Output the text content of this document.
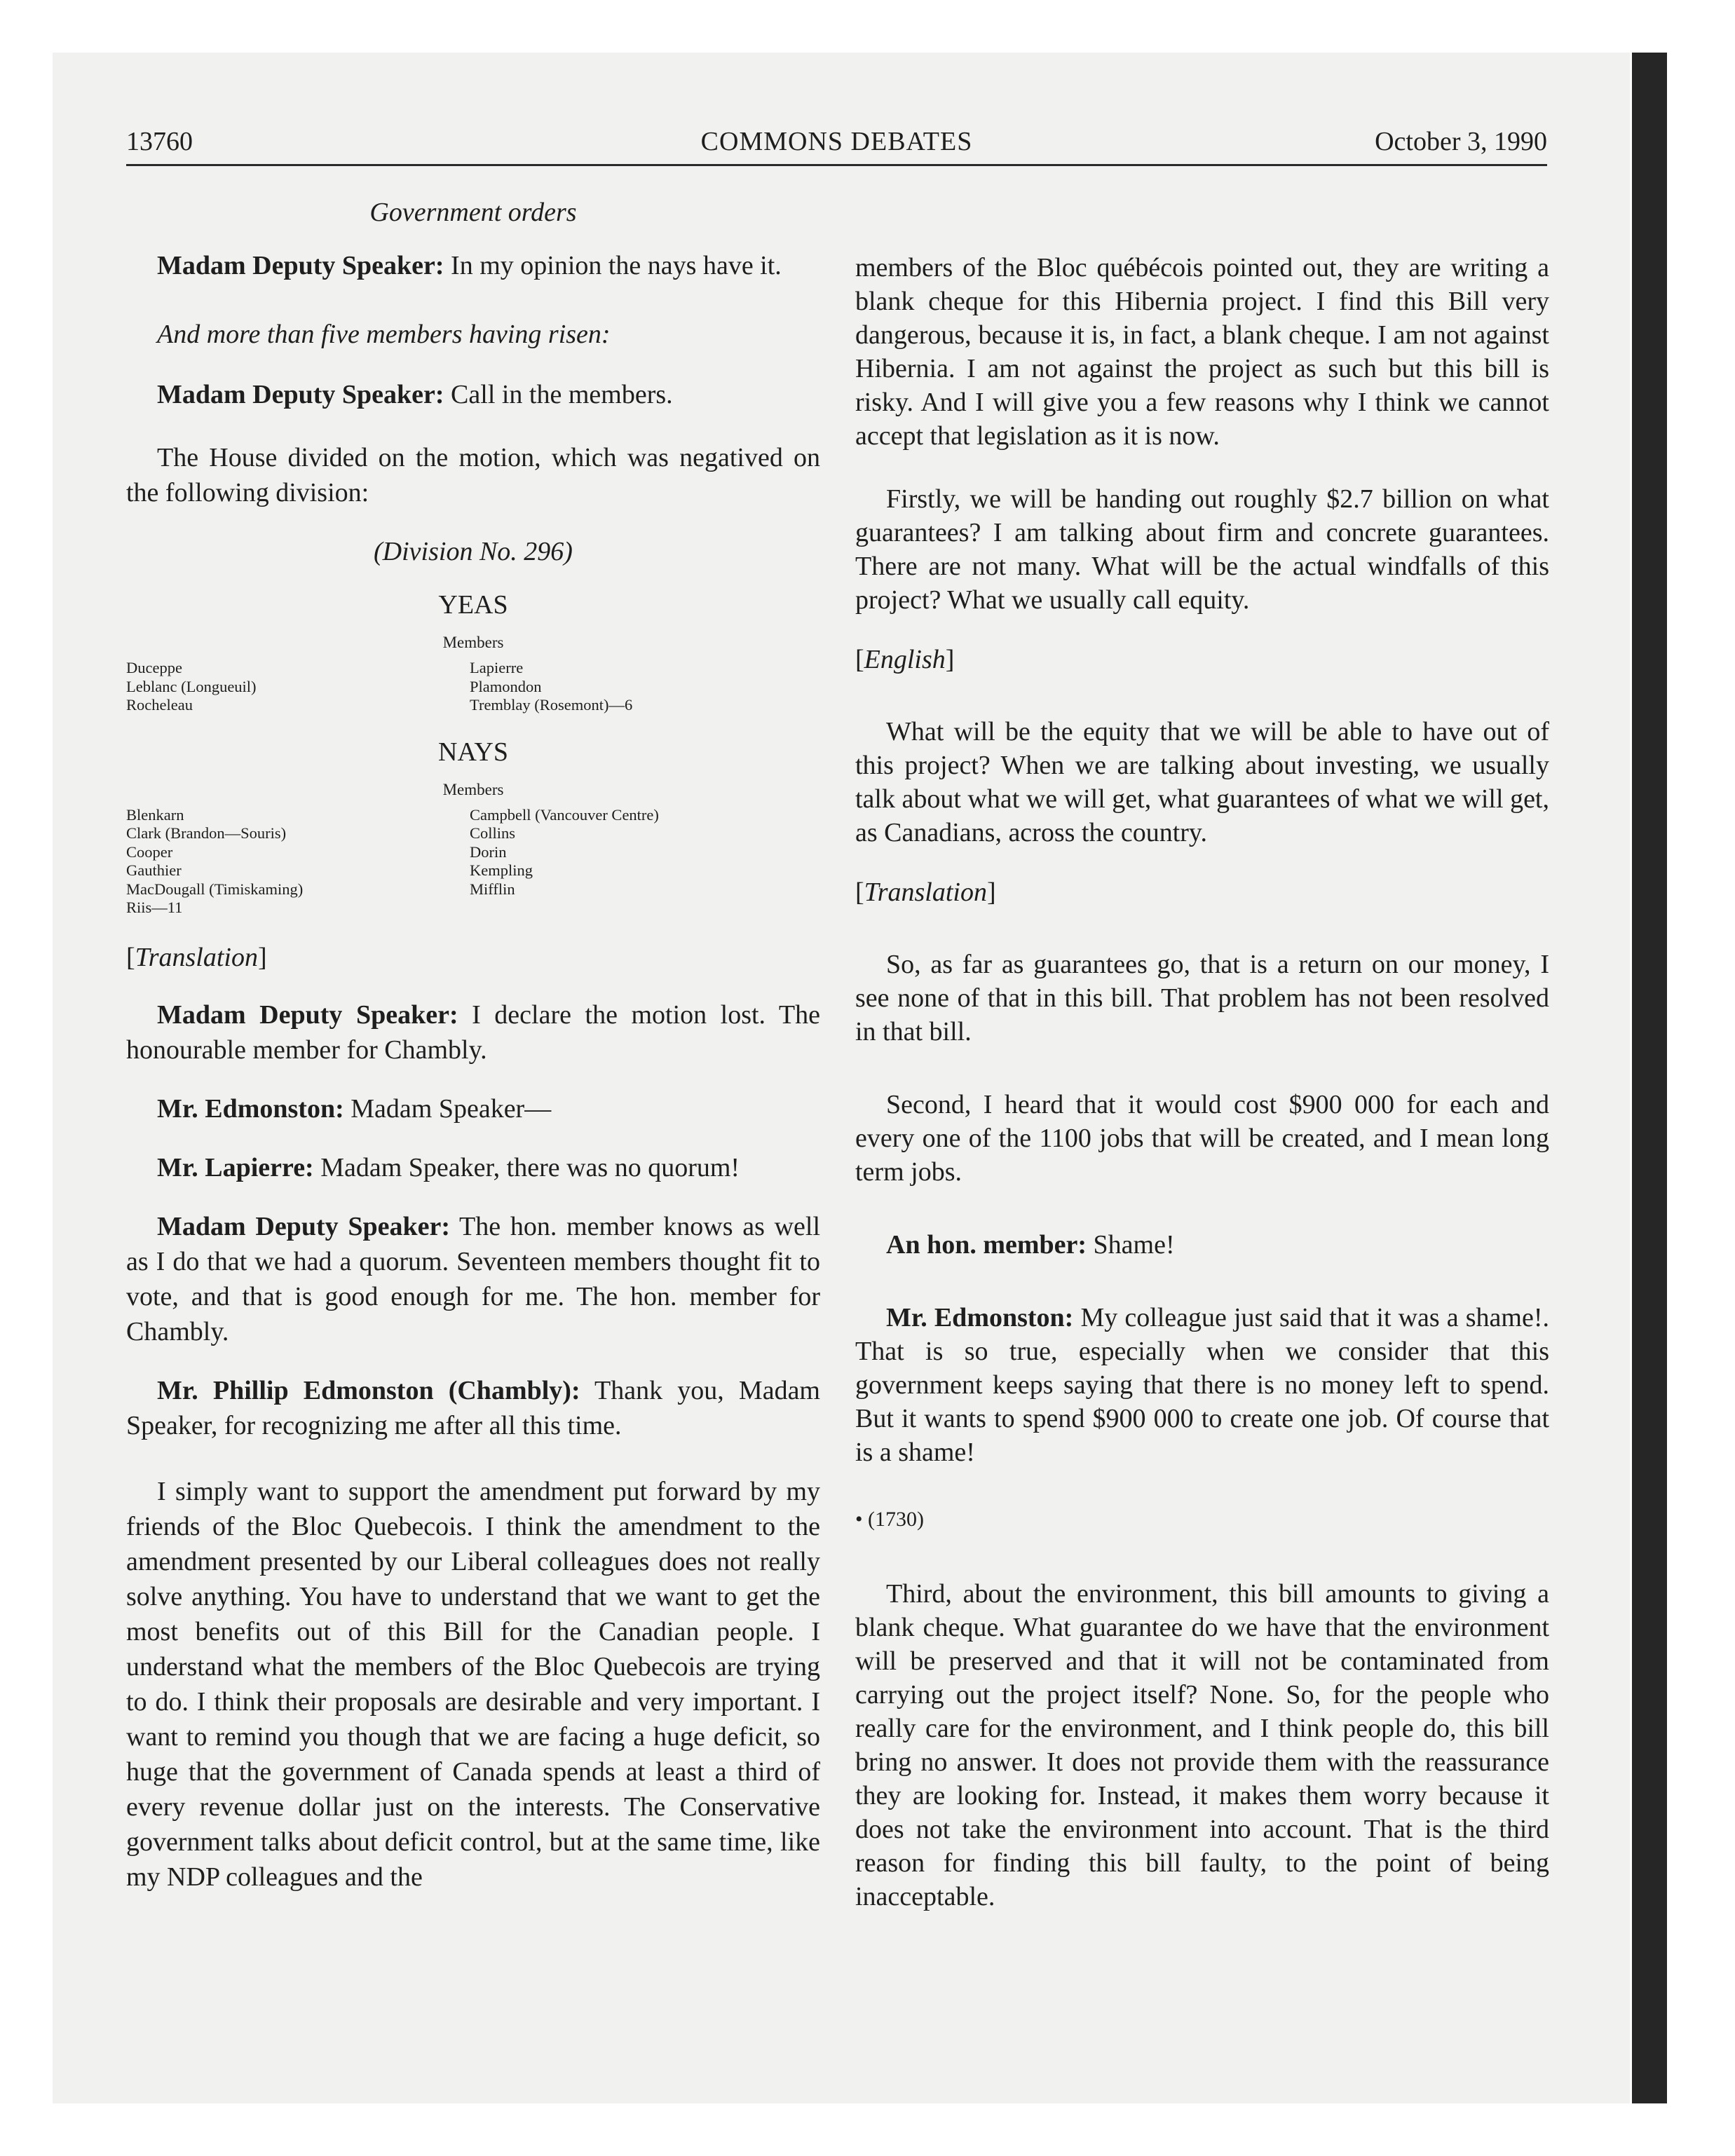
13760	COMMONS DEBATES	October 3, 1990
Government orders

Madam Deputy Speaker: In my opinion the nays have it.

And more than five members having risen:

Madam Deputy Speaker: Call in the members.

The House divided on the motion, which was negatived on the following division:

(Division No. 296)
YEAS
Members
Duceppe
Leblanc (Longueuil)
Rocheleau
Lapierre
Plamondon
Tremblay (Rosemont)—6
NAYS
Members
Blenkarn
Clark (Brandon—Souris)
Cooper
Gauthier
MacDougall (Timiskaming)
Riis—11
Campbell (Vancouver Centre)
Collins
Dorin
Kempling
Mifflin
[Translation]

Madam Deputy Speaker: I declare the motion lost. The honourable member for Chambly.

Mr. Edmonston: Madam Speaker—

Mr. Lapierre: Madam Speaker, there was no quorum!

Madam Deputy Speaker: The hon. member knows as well as I do that we had a quorum. Seventeen members thought fit to vote, and that is good enough for me. The hon. member for Chambly.

Mr. Phillip Edmonston (Chambly): Thank you, Madam Speaker, for recognizing me after all this time.

I simply want to support the amendment put forward by my friends of the Bloc Quebecois. I think the amendment to the amendment presented by our Liberal colleagues does not really solve anything. You have to understand that we want to get the most benefits out of this Bill for the Canadian people. I understand what the members of the Bloc Quebecois are trying to do. I think their proposals are desirable and very important. I want to remind you though that we are facing a huge deficit, so huge that the government of Canada spends at least a third of every revenue dollar just on the interests. The Conservative government talks about deficit control, but at the same time, like my NDP colleagues and the

members of the Bloc québécois pointed out, they are writing a blank cheque for this Hibernia project. I find this Bill very dangerous, because it is, in fact, a blank cheque. I am not against Hibernia. I am not against the project as such but this bill is risky. And I will give you a few reasons why I think we cannot accept that legislation as it is now.

Firstly, we will be handing out roughly $2.7 billion on what guarantees? I am talking about firm and concrete guarantees. There are not many. What will be the actual windfalls of this project? What we usually call equity.

[English]

What will be the equity that we will be able to have out of this project? When we are talking about investing, we usually talk about what we will get, what guarantees of what we will get, as Canadians, across the country.

[Translation]

So, as far as guarantees go, that is a return on our money, I see none of that in this bill. That problem has not been resolved in that bill.

Second, I heard that it would cost $900 000 for each and every one of the 1100 jobs that will be created, and I mean long term jobs.

An hon. member: Shame!

Mr. Edmonston: My colleague just said that it was a shame!. That is so true, especially when we consider that this government keeps saying that there is no money left to spend. But it wants to spend $900 000 to create one job. Of course that is a shame!

• (1730)

Third, about the environment, this bill amounts to giving a blank cheque. What guarantee do we have that the environment will be preserved and that it will not be contaminated from carrying out the project itself? None. So, for the people who really care for the environment, and I think people do, this bill bring no answer. It does not provide them with the reassurance they are looking for. Instead, it makes them worry because it does not take the environment into account. That is the third reason for finding this bill faulty, to the point of being inacceptable.
